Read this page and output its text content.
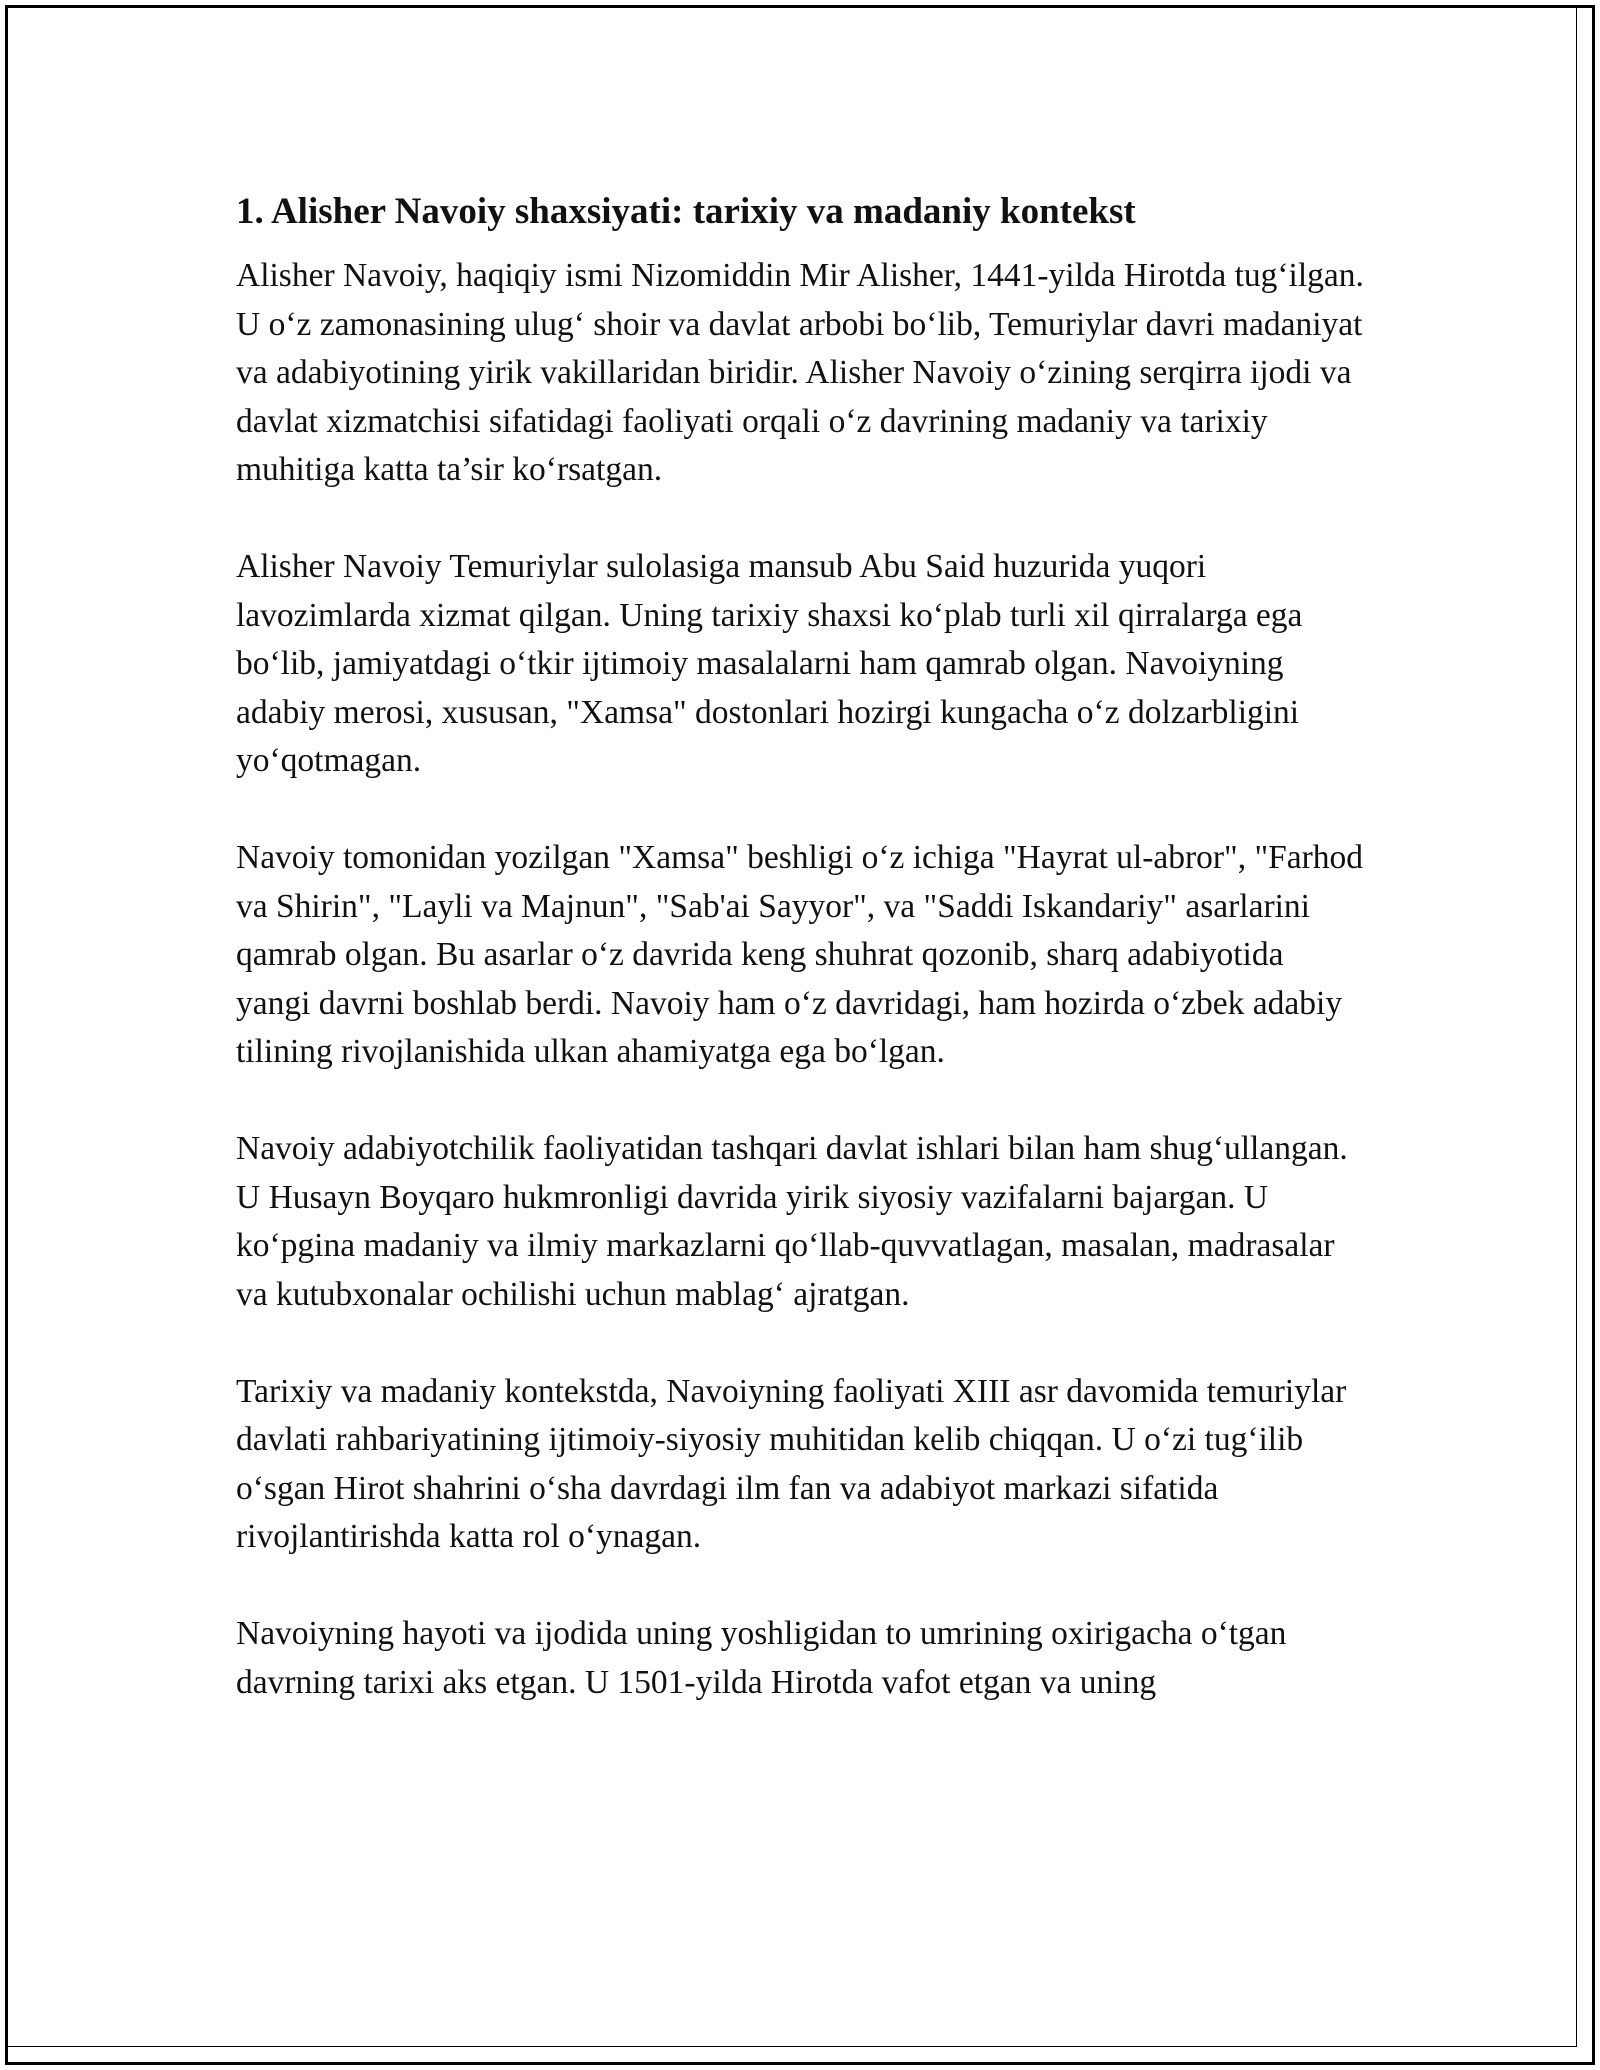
1. Alisher Navoiy shaxsiyati: tarixiy va madaniy kontekst

Alisher Navoiy, haqiqiy ismi Nizomiddin Mir Alisher, 1441-yilda Hirotda tug‘ilgan. U o‘z zamonasining ulug‘ shoir va davlat arbobi bo‘lib, Temuriylar davri madaniyat va adabiyotining yirik vakillaridan biridir. Alisher Navoiy o‘zining serqirra ijodi va davlat xizmatchisi sifatidagi faoliyati orqali o‘z davrining madaniy va tarixiy muhitiga katta ta’sir ko‘rsatgan.

Alisher Navoiy Temuriylar sulolasiga mansub Abu Said huzurida yuqori lavozimlarda xizmat qilgan. Uning tarixiy shaxsi ko‘plab turli xil qirralarga ega bo‘lib, jamiyatdagi o‘tkir ijtimoiy masalalarni ham qamrab olgan. Navoiyning adabiy merosi, xususan, "Xamsa" dostonlari hozirgi kungacha o‘z dolzarbligini yo‘qotmagan.

Navoiy tomonidan yozilgan "Xamsa" beshligi o‘z ichiga "Hayrat ul-abror", "Farhod va Shirin", "Layli va Majnun", "Sab'ai Sayyor", va "Saddi Iskandariy" asarlarini qamrab olgan. Bu asarlar o‘z davrida keng shuhrat qozonib, sharq adabiyotida yangi davrni boshlab berdi. Navoiy ham o‘z davridagi, ham hozirda o‘zbek adabiy tilining rivojlanishida ulkan ahamiyatga ega bo‘lgan.

Navoiy adabiyotchilik faoliyatidan tashqari davlat ishlari bilan ham shug‘ullangan. U Husayn Boyqaro hukmronligi davrida yirik siyosiy vazifalarni bajargan. U ko‘pgina madaniy va ilmiy markazlarni qo‘llab-quvvatlagan, masalan, madrasalar va kutubxonalar ochilishi uchun mablag‘ ajratgan.

Tarixiy va madaniy kontekstda, Navoiyning faoliyati XIII asr davomida temuriylar davlati rahbariyatining ijtimoiy-siyosiy muhitidan kelib chiqqan. U o‘zi tug‘ilib o‘sgan Hirot shahrini o‘sha davrdagi ilm fan va adabiyot markazi sifatida rivojlantirishda katta rol o‘ynagan.

Navoiyning hayoti va ijodida uning yoshligidan to umrining oxirigacha o‘tgan davrning tarixi aks etgan. U 1501-yilda Hirotda vafot etgan va uning
